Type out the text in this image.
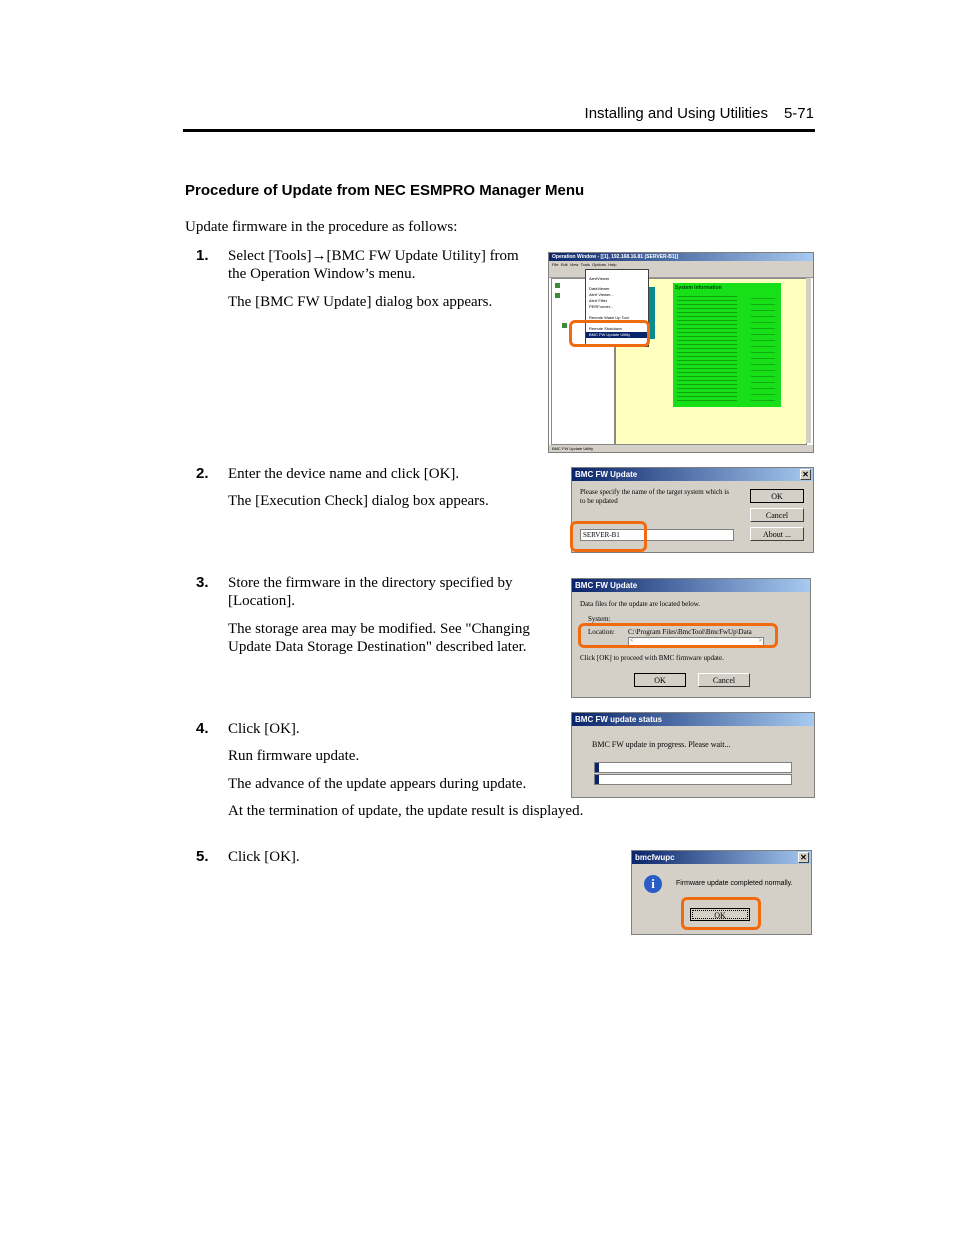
Installing and Using Utilities 5-71
Procedure of Update from NEC ESMPRO Manager Menu
Update firmware in the procedure as follows:
1. Select [Tools]→[BMC FW Update Utility] from
the Operation Window’s menu.
The [BMC FW Update] dialog box appears.
Operation Window - [[1], 192.168.16.81 (SERVER-B1)]
File Edit View Tools Options Help
System Information
AlertViewer
DataViewer
Alert Viewer...
Alert Filter
PERFormer...
Remote Wake Up Tool
Remote Shutdown
BMC FW Update Utility
BMC FW Update Utility
2. Enter the device name and click [OK].
The [Execution Check] dialog box appears.
BMC FW Update	✕
Please specify the name of the target system which is
to be updated	OK
Cancel
About ...
SERVER-B1
3. Store the firmware in the directory specified by
[Location].
The storage area may be modified. See "Changing
Update Data Storage Destination" described later.
BMC FW Update
Data files for the update are located below.
System:
Location: C:\Program Files\BmcTool\BmcFwUp\Data
<	>
Click [OK] to proceed with BMC firmware update.
OK	Cancel
4. Click [OK].
Run firmware update.
The advance of the update appears during update.
At the termination of update, the update result is displayed.
BMC FW update status
BMC FW update in progress. Please wait...
5. Click [OK].	bmcfwupc	✕
i	Firmware update completed normally.
OK
